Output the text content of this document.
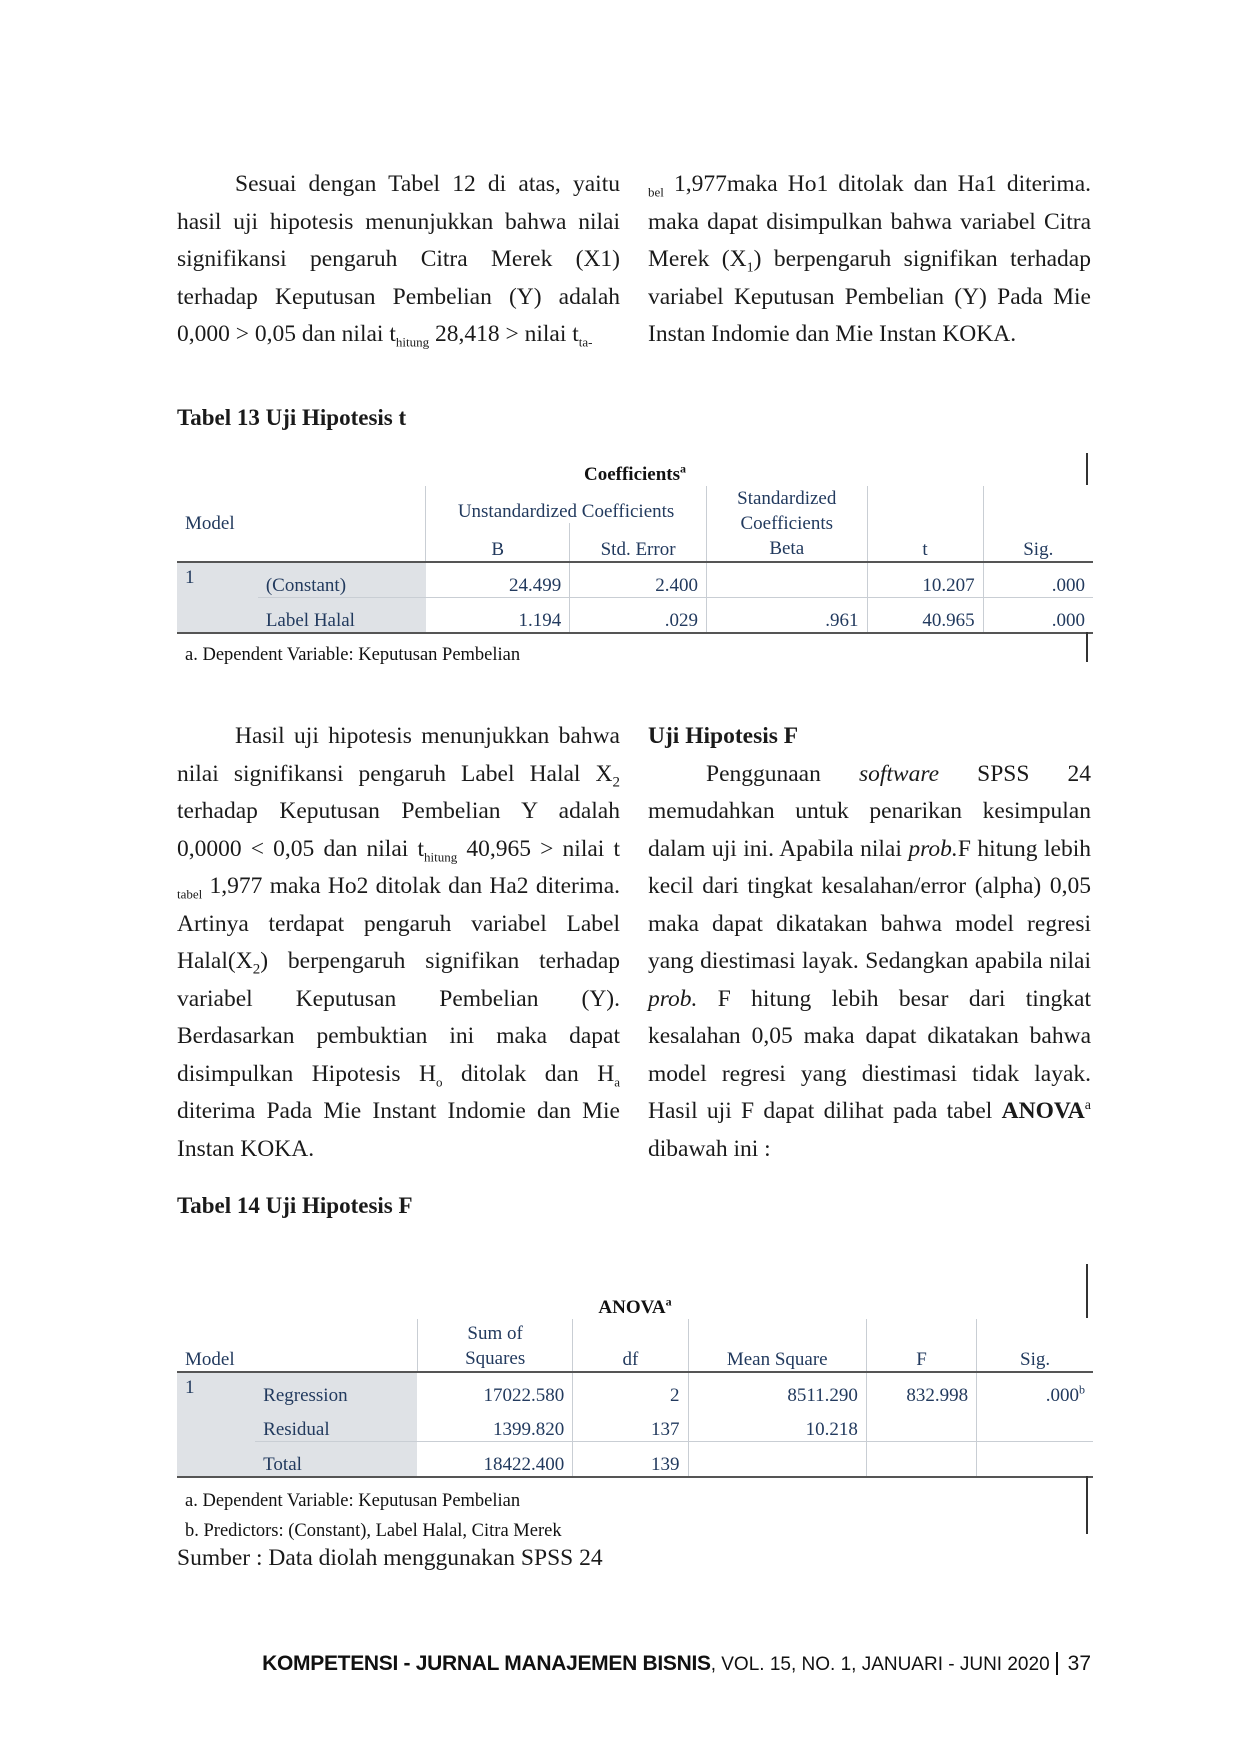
Sesuai dengan Tabel 12 di atas, yaitu hasil uji hipotesis menunjukkan bahwa nilai signifikansi pengaruh Citra Merek (X1) terhadap Keputusan Pembelian (Y) adalah 0,000 > 0,05 dan nilai $t_{hitung}$ 28,418 > nilai $t_{ta-}$

$_{bel}$ 1,977maka Ho1 ditolak dan Ha1 diterima. maka dapat disimpulkan bahwa variabel Citra Merek $(X_1)$ berpengaruh signifikan terhadap variabel Keputusan Pembelian (Y) Pada Mie Instan Indomie dan Mie Instan KOKA.

Tabel 13 Uji Hipotesis t
Coefficients$^a$
Model		Unstandardized Coefficients		Standardized Coefficients
Beta		
		B	Std. Error		t	Sig.
1	(Constant)	24.499	2.400		10.207	.000
	Label Halal	1.194	.029	.961	40.965	.000
a. Dependent Variable: Keputusan Pembelian						

Hasil uji hipotesis menunjukkan bahwa nilai signifikansi pengaruh Label Halal $X_2$ terhadap Keputusan Pembelian Y adalah 0,0000 < 0,05 dan nilai $t_{hitung}$ 40,965 > nilai t $_{tabel}$ 1,977 maka Ho2 ditolak dan Ha2 diterima. Artinya terdapat pengaruh variabel Label $Halal(X_2)$ berpengaruh signifikan terhadap variabel Keputusan Pembelian (Y). Berdasarkan pembuktian ini maka dapat disimpulkan Hipotesis $H_o$ ditolak dan $H_a$ diterima Pada Mie Instant Indomie dan Mie Instan KOKA.

Uji Hipotesis F

Penggunaan software SPSS 24 memudahkan untuk penarikan kesimpulan dalam uji ini. Apabila nilai prob.F hitung lebih kecil dari tingkat kesalahan/error (alpha) 0,05 maka dapat dikatakan bahwa model regresi yang diestimasi layak. Sedangkan apabila nilai prob. F hitung lebih besar dari tingkat kesalahan 0,05 maka dapat dikatakan bahwa model regresi yang diestimasi tidak layak. Hasil uji F dapat dilihat pada tabel ANOVA$^a$ dibawah ini :

Tabel 14 Uji Hipotesis F
ANOVA$^a$
Model		Sum of
Squares	df	Mean Square	F	Sig.
1	Regression	17022.580	2	8511.290	832.998	.000$^b$
	Residual	1399.820	137	10.218		
	Total	18422.400	139			
a. Dependent Variable: Keputusan Pembelian						
b. Predictors: (Constant), Label Halal, Citra Merek						
Sumber : Data diolah menggunakan SPSS 24
KOMPETENSI - JURNAL MANAJEMEN BISNIS, VOL. 15, NO. 1, JANUARI - JUNI 2020 37
